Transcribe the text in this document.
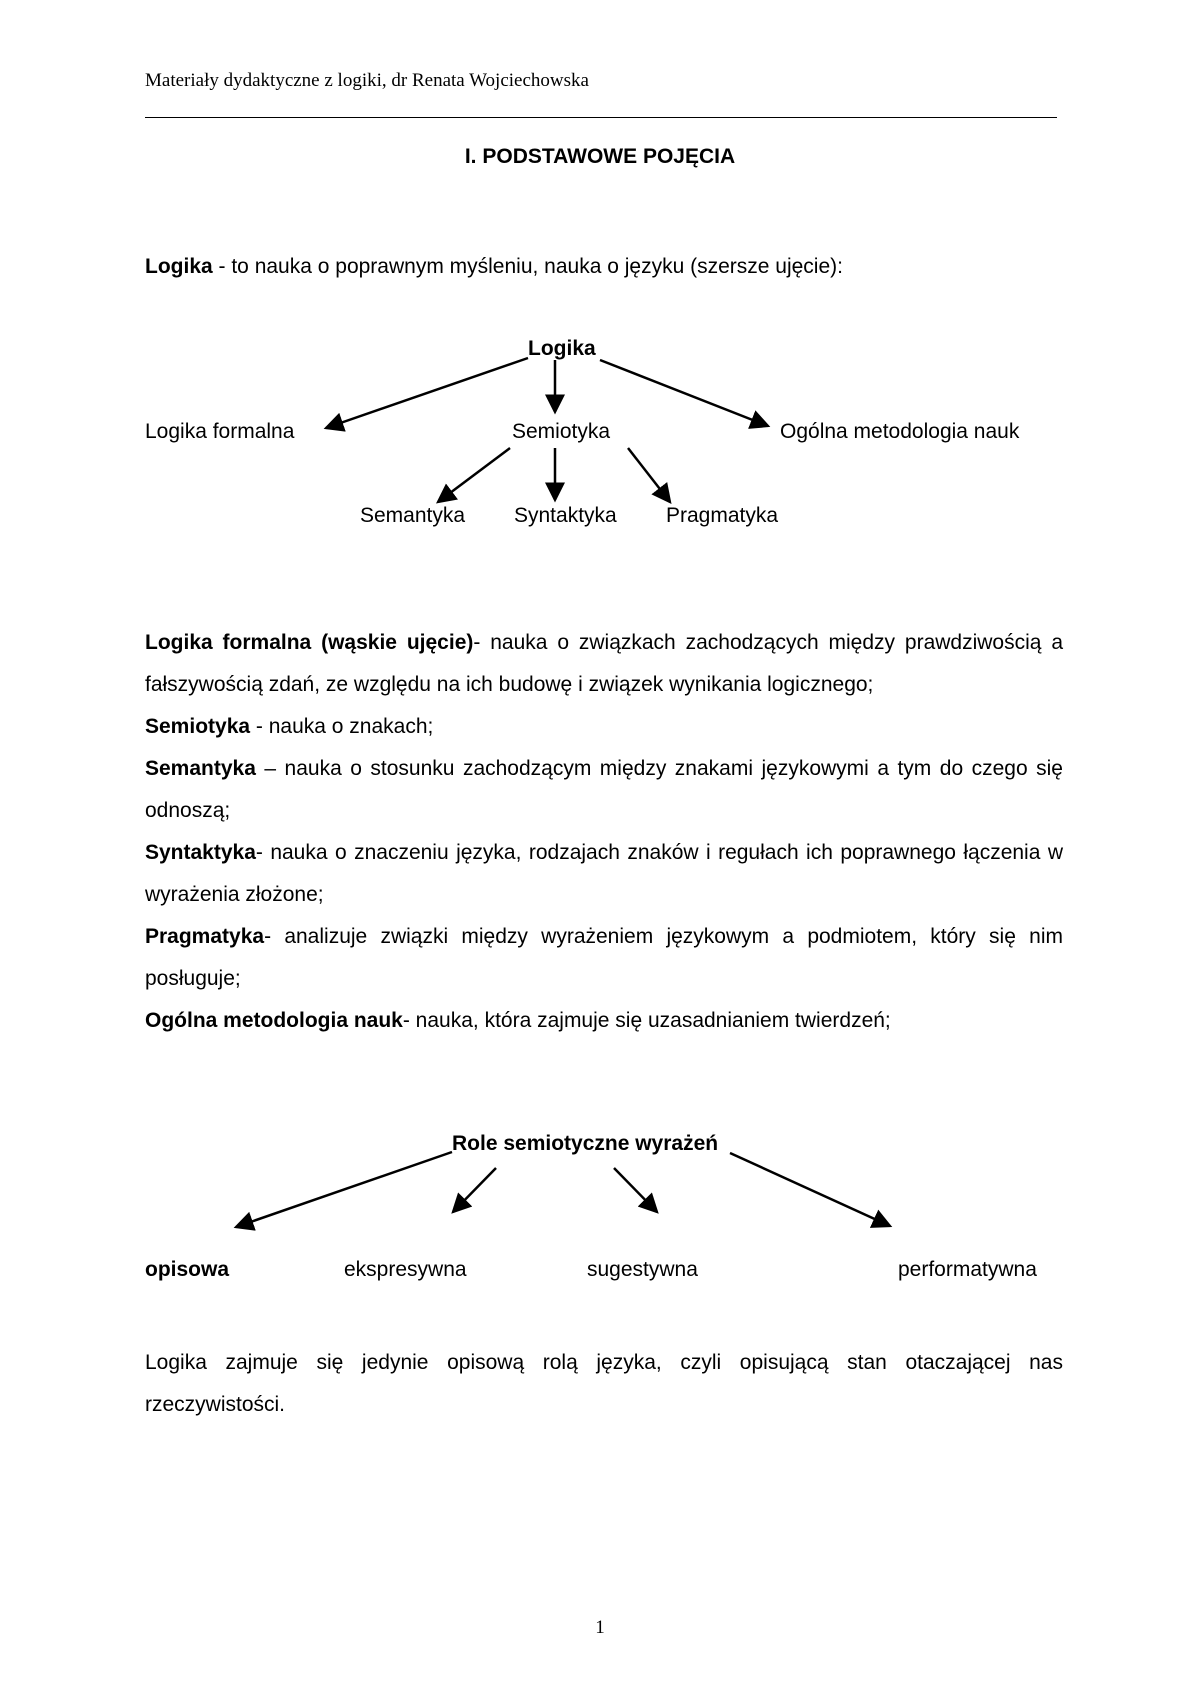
Materiały dydaktyczne z logiki, dr Renata Wojciechowska
I. PODSTAWOWE POJĘCIA
Logika - to nauka o poprawnym myśleniu, nauka o języku (szersze ujęcie):
Logika
Logika formalna	Semiotyka	Ogólna metodologia nauk
Semantyka Syntaktyka Pragmatyka

Logika formalna (wąskie ujęcie)- nauka o związkach zachodzących między prawdziwością a fałszywością zdań, ze względu na ich budowę i związek wynikania logicznego;

Semiotyka - nauka o znakach;

Semantyka – nauka o stosunku zachodzącym między znakami językowymi a tym do czego się odnoszą;

Syntaktyka- nauka o znaczeniu języka, rodzajach znaków i regułach ich poprawnego łączenia w wyrażenia złożone;

Pragmatyka- analizuje związki między wyrażeniem językowym a podmiotem, który się nim posługuje;

Ogólna metodologia nauk- nauka, która zajmuje się uzasadnianiem twierdzeń;

Role semiotyczne wyrażeń
opisowa	ekspresywna	sugestywna	performatywna
Logika zajmuje się jedynie opisową rolą języka, czyli opisującą stan otaczającej nas rzeczywistości.
1
